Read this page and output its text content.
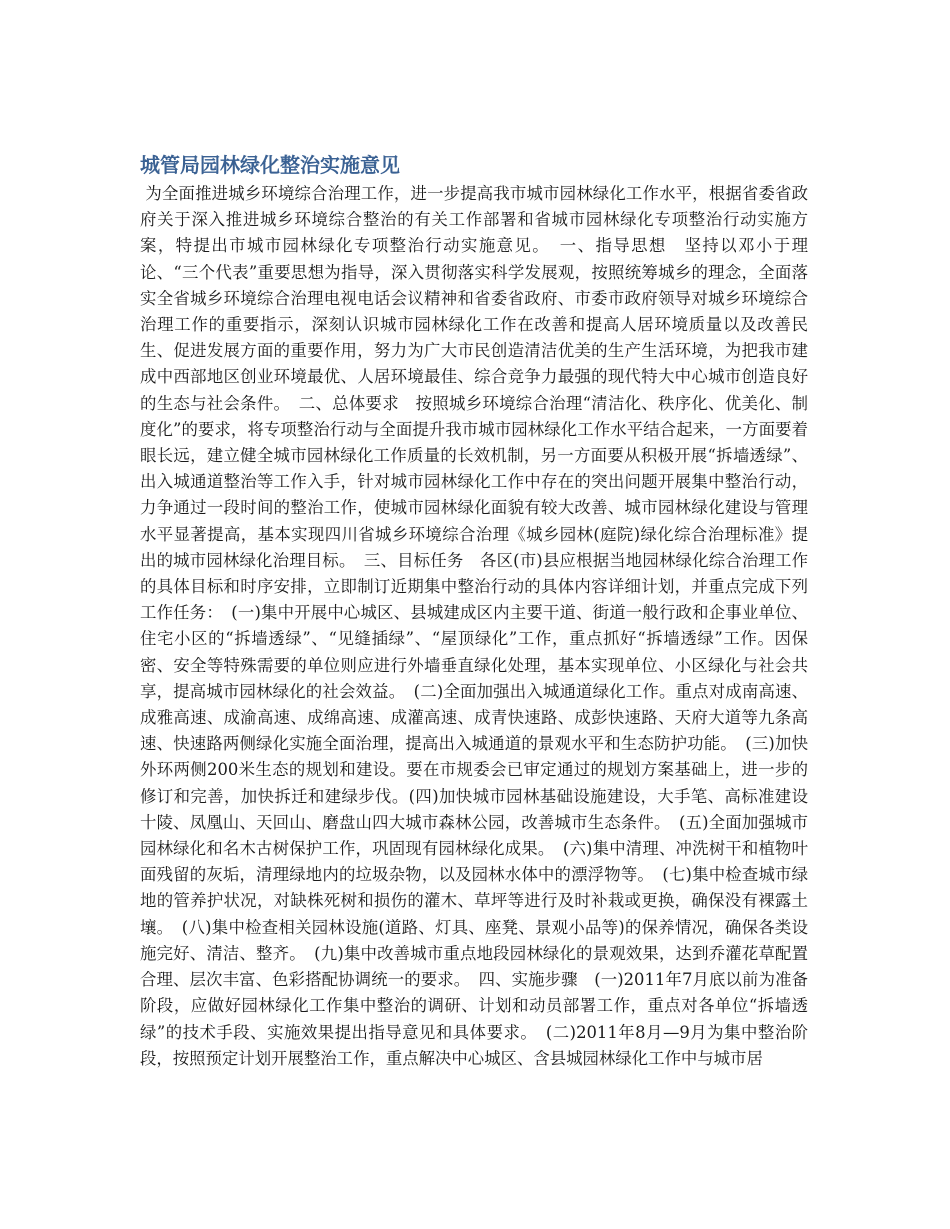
城管局园林绿化整治实施意见

为全面推进城乡环境综合治理工作，进一步提高我市城市园林绿化工作水平，根据省委省政府关于深入推进城乡环境综合整治的有关工作部署和省城市园林绿化专项整治行动实施方案，特提出市城市园林绿化专项整治行动实施意见。　一、指导思想　坚持以邓小于理论、“三个代表”重要思想为指导，深入贯彻落实科学发展观，按照统筹城乡的理念，全面落实全省城乡环境综合治理电视电话会议精神和省委省政府、市委市政府领导对城乡环境综合治理工作的重要指示，深刻认识城市园林绿化工作在改善和提高人居环境质量以及改善民生、促进发展方面的重要作用，努力为广大市民创造清洁优美的生产生活环境，为把我市建成中西部地区创业环境最优、人居环境最佳、综合竞争力最强的现代特大中心城市创造良好的生态与社会条件。　二、总体要求　按照城乡环境综合治理“清洁化、秩序化、优美化、制度化”的要求，将专项整治行动与全面提升我市城市园林绿化工作水平结合起来，一方面要着眼长远，建立健全城市园林绿化工作质量的长效机制，另一方面要从积极开展“拆墙透绿”、出入城通道整治等工作入手，针对城市园林绿化工作中存在的突出问题开展集中整治行动，力争通过一段时间的整治工作，使城市园林绿化面貌有较大改善、城市园林绿化建设与管理水平显著提高，基本实现四川省城乡环境综合治理《城乡园林(庭院)绿化综合治理标准》提出的城市园林绿化治理目标。　三、目标任务　各区(市)县应根据当地园林绿化综合治理工作的具体目标和时序安排，立即制订近期集中整治行动的具体内容详细计划，并重点完成下列工作任务：　(一)集中开展中心城区、县城建成区内主要干道、街道一般行政和企事业单位、住宅小区的“拆墙透绿”、“见缝插绿”、“屋顶绿化”工作，重点抓好“拆墙透绿”工作。因保密、安全等特殊需要的单位则应进行外墙垂直绿化处理，基本实现单位、小区绿化与社会共享，提高城市园林绿化的社会效益。　(二)全面加强出入城通道绿化工作。重点对成南高速、成雅高速、成渝高速、成绵高速、成灌高速、成青快速路、成彭快速路、天府大道等九条高速、快速路两侧绿化实施全面治理，提高出入城通道的景观水平和生态防护功能。　(三)加快外环两侧200米生态的规划和建设。要在市规委会已审定通过的规划方案基础上，进一步的修订和完善，加快拆迁和建绿步伐。(四)加快城市园林基础设施建设，大手笔、高标准建设十陵、凤凰山、天回山、磨盘山四大城市森林公园，改善城市生态条件。　(五)全面加强城市园林绿化和名木古树保护工作，巩固现有园林绿化成果。　(六)集中清理、冲洗树干和植物叶面残留的灰垢，清理绿地内的垃圾杂物，以及园林水体中的漂浮物等。　(七)集中检查城市绿地的管养护状况，对缺株死树和损伤的灌木、草坪等进行及时补栽或更换，确保没有裸露土壤。　(八)集中检查相关园林设施(道路、灯具、座凳、景观小品等)的保养情况，确保各类设施完好、清洁、整齐。　(九)集中改善城市重点地段园林绿化的景观效果，达到乔灌花草配置合理、层次丰富、色彩搭配协调统一的要求。　四、实施步骤　(一)2011年7月底以前为准备阶段，应做好园林绿化工作集中整治的调研、计划和动员部署工作，重点对各单位“拆墙透绿”的技术手段、实施效果提出指导意见和具体要求。　(二)2011年8月—9月为集中整治阶段，按照预定计划开展整治工作，重点解决中心城区、含县城园林绿化工作中与城市居
